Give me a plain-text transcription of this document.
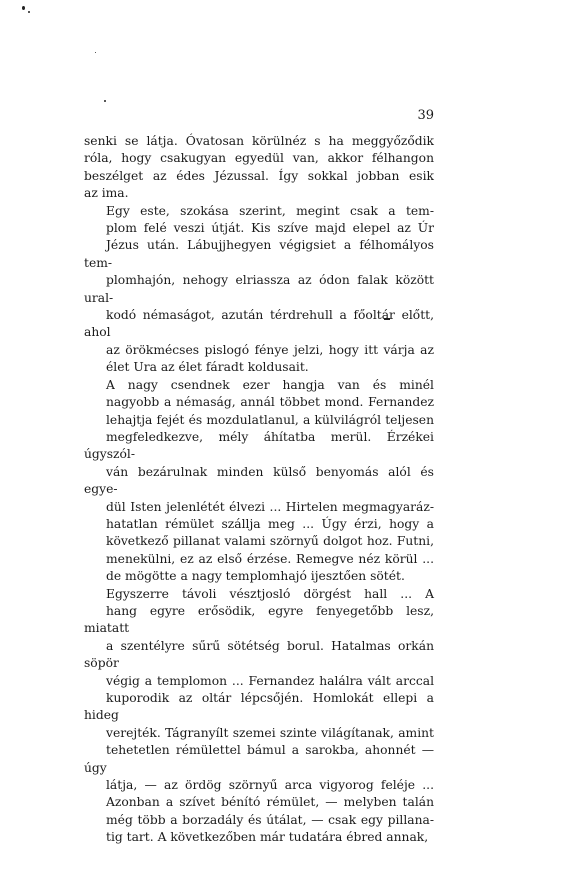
39

senki se látja. Óvatosan körülnéz s ha meggyőződik
róla, hogy csakugyan egyedül van, akkor félhangon
beszélget az édes Jézussal. Így sokkal jobban esik
az ima.

Egy este, szokása szerint, megint csak a tem-
plom felé veszi útját. Kis szíve majd elepel az Úr
Jézus után. Lábujjhegyen végigsiet a félhomályos tem-
plomhajón, nehogy elriassza az ódon falak között ural-
kodó némaságot, azután térdrehull a főoltár előtt, ahol
az örökmécses pislogó fénye jelzi, hogy itt várja az
élet Ura az élet fáradt koldusait.

A nagy csendnek ezer hangja van és minél
nagyobb a némaság, annál többet mond. Fernandez
lehajtja fejét és mozdulatlanul, a külvilágról teljesen
megfeledkezve, mély áhítatba merül. Érzékei úgyszól-
ván bezárulnak minden külső benyomás alól és egye-
dül Isten jelenlétét élvezi ... Hirtelen megmagyaráz-
hatatlan rémület szállja meg ... Úgy érzi, hogy a
következő pillanat valami szörnyű dolgot hoz. Futni,
menekülni, ez az első érzése. Remegve néz körül ...
de mögötte a nagy templomhajó ijesztően sötét.

Egyszerre távoli vésztjosló dörgést hall ... A
hang egyre erősödik, egyre fenyegetőbb lesz, miatatt
a szentélyre sűrű sötétség borul. Hatalmas orkán söpör
végig a templomon ... Fernandez halálra vált arccal
kuporodik az oltár lépcsőjén. Homlokát ellepi a hideg
verejték. Tágranyílt szemei szinte világítanak, amint
tehetetlen rémülettel bámul a sarokba, ahonnét — úgy
látja, — az ördög szörnyű arca vigyorog feléje ...
Azonban a szívet bénító rémület, — melyben talán
még több a borzadály és útálat, — csak egy pillana-
tig tart. A következőben már tudatára ébred annak,
